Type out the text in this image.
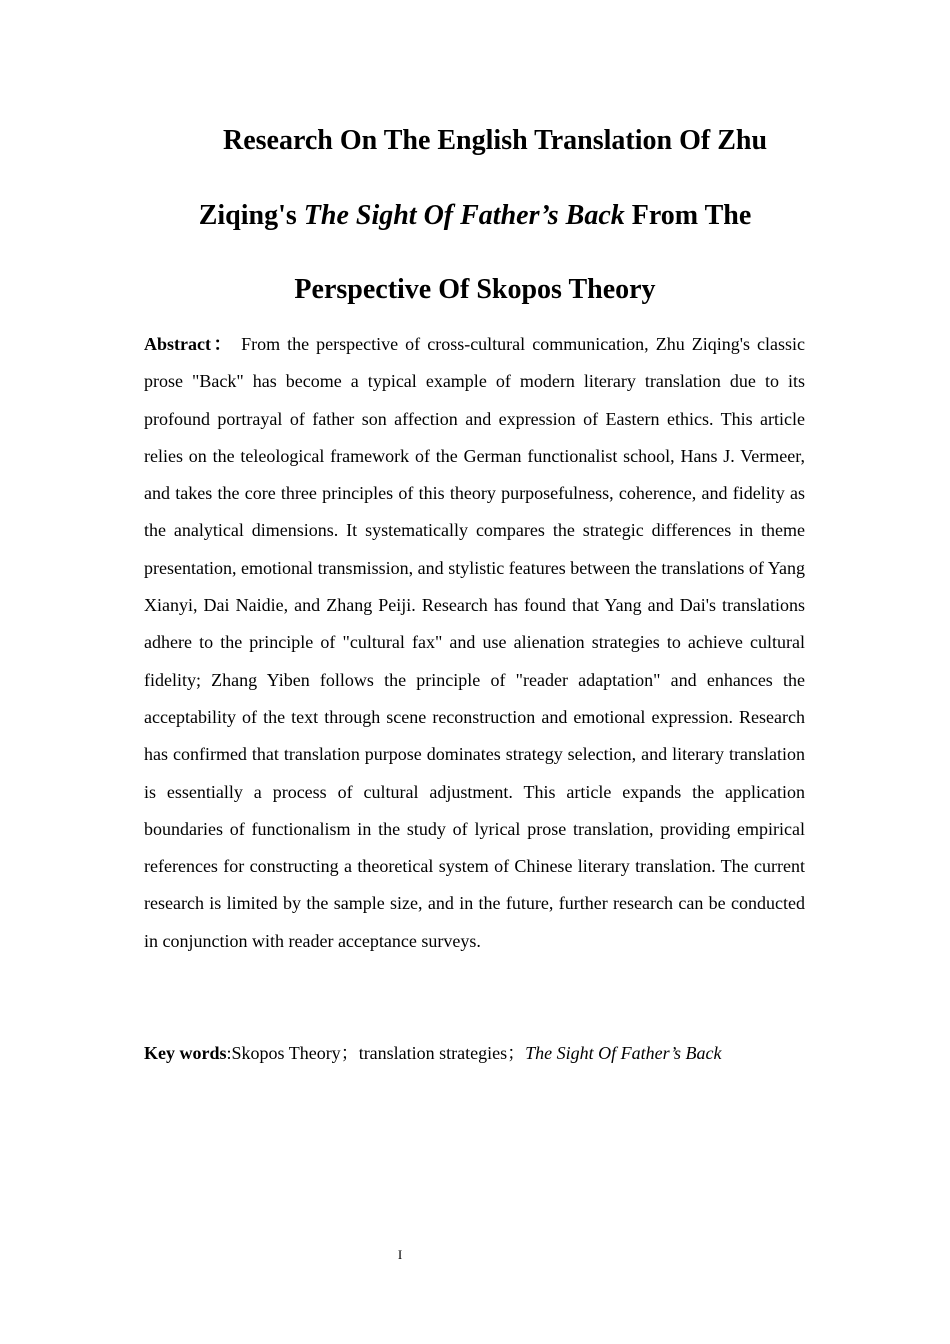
Research On The English Translation Of Zhu
Ziqing's The Sight Of Father’s Back From The
Perspective Of Skopos Theory

Abstract： From the perspective of cross-cultural communication, Zhu Ziqing's classic prose "Back" has become a typical example of modern literary translation due to its profound portrayal of father son affection and expression of Eastern ethics. This article relies on the teleological framework of the German functionalist school, Hans J. Vermeer, and takes the core three principles of this theory purposefulness, coherence, and fidelity as the analytical dimensions. It systematically compares the strategic differences in theme presentation, emotional transmission, and stylistic features between the translations of Yang Xianyi, Dai Naidie, and Zhang Peiji. Research has found that Yang and Dai's translations adhere to the principle of "cultural fax" and use alienation strategies to achieve cultural fidelity; Zhang Yiben follows the principle of "reader adaptation" and enhances the acceptability of the text through scene reconstruction and emotional expression. Research has confirmed that translation purpose dominates strategy selection, and literary translation is essentially a process of cultural adjustment. This article expands the application boundaries of functionalism in the study of lyrical prose translation, providing empirical references for constructing a theoretical system of Chinese literary translation. The current research is limited by the sample size, and in the future, further research can be conducted in conjunction with reader acceptance surveys.

Key words:Skopos Theory；translation strategies；The Sight Of Father’s Back
I
